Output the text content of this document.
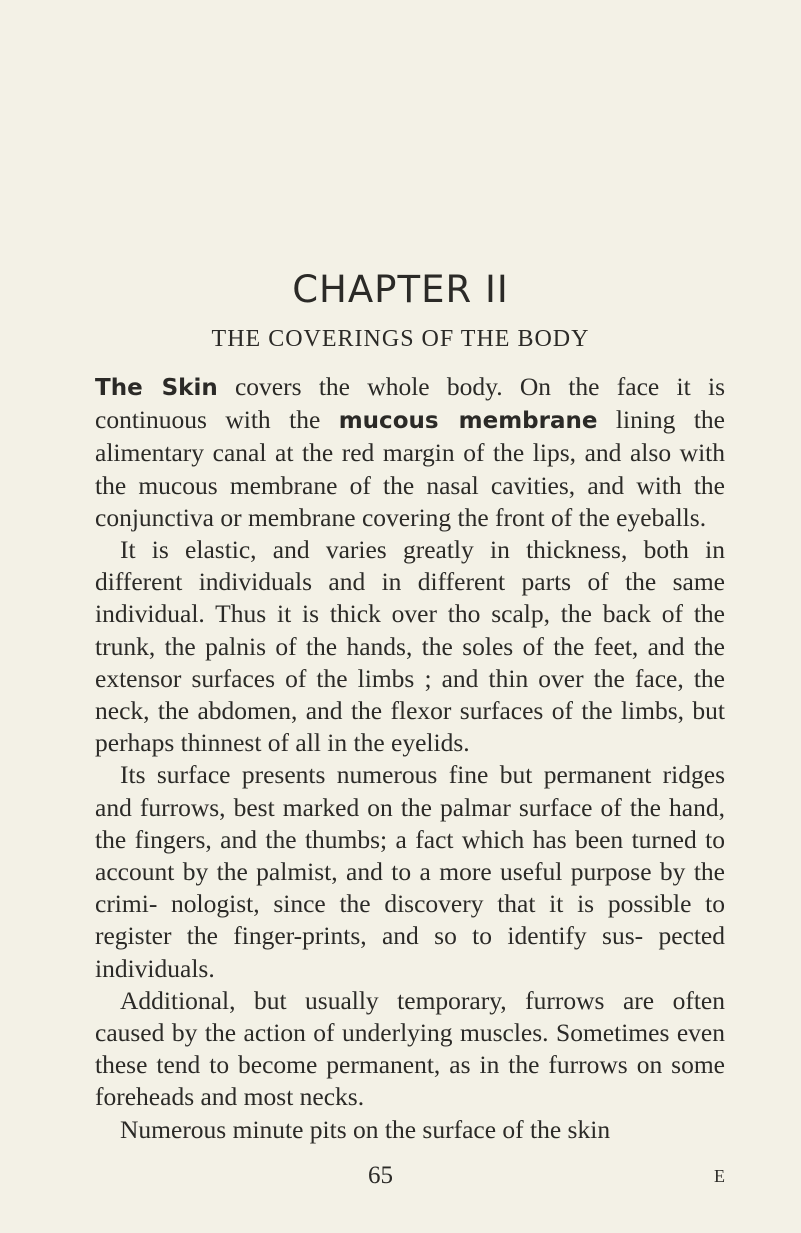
CHAPTER II
THE COVERINGS OF THE BODY

The Skin covers the whole body. On the face it is continuous with the mucous membrane lining the alimentary canal at the red margin of the lips, and also with the mucous membrane of the nasal cavities, and with the conjunctiva or membrane covering the front of the eyeballs.

It is elastic, and varies greatly in thickness, both in different individuals and in different parts of the same individual. Thus it is thick over tho scalp, the back of the trunk, the palnis of the hands, the soles of the feet, and the extensor surfaces of the limbs ; and thin over the face, the neck, the abdomen, and the flexor surfaces of the limbs, but perhaps thinnest of all in the eyelids.

Its surface presents numerous fine but permanent ridges and furrows, best marked on the palmar surface of the hand, the fingers, and the thumbs; a fact which has been turned to account by the palmist, and to a more useful purpose by the crimi- nologist, since the discovery that it is possible to register the finger-prints, and so to identify sus- pected individuals.

Additional, but usually temporary, furrows are often caused by the action of underlying muscles. Sometimes even these tend to become permanent, as in the furrows on some foreheads and most necks.

Numerous minute pits on the surface of the skin

65	E
